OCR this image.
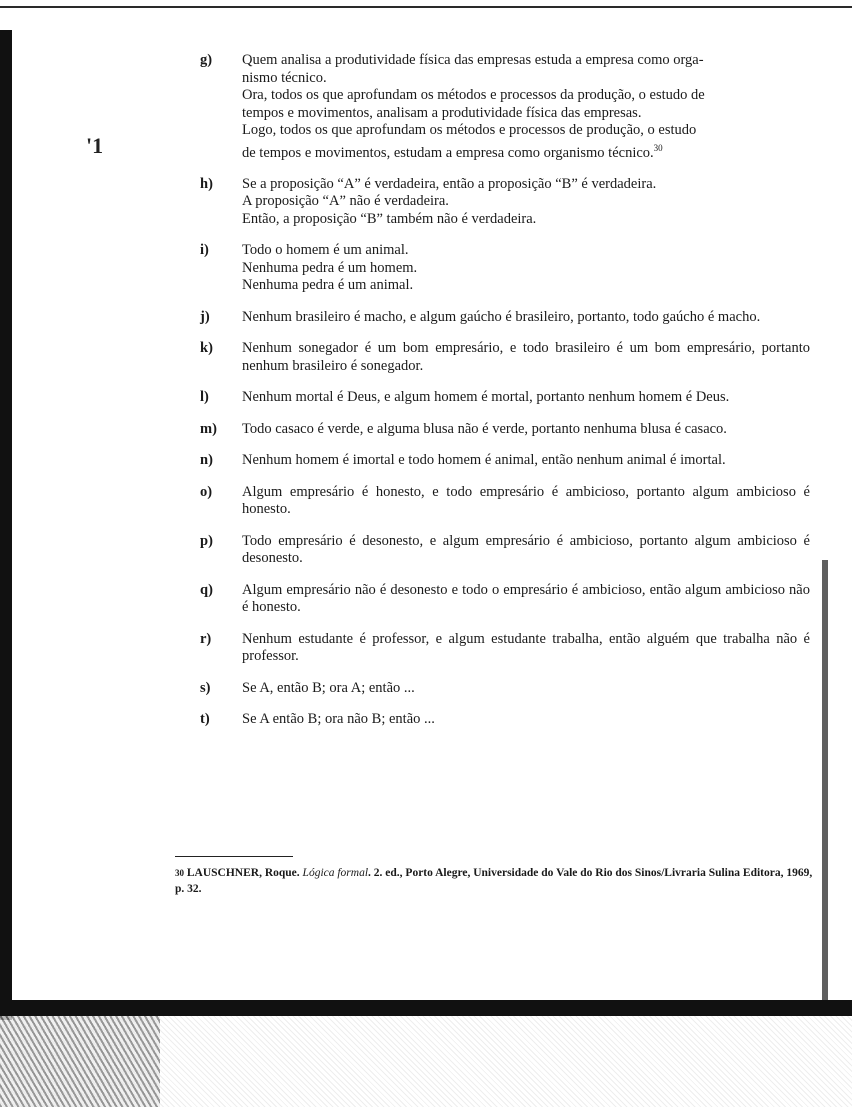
'1
g)	Quem analisa a produtividade física das empresas estuda a empresa como orga-
nismo técnico.
Ora, todos os que aprofundam os métodos e processos da produção, o estudo de
tempos e movimentos, analisam a produtividade física das empresas.
Logo, todos os que aprofundam os métodos e processos de produção, o estudo
de tempos e movimentos, estudam a empresa como organismo técnico.$^{30}$
h)	Se a proposição “A” é verdadeira, então a proposição “B” é verdadeira.
A proposição “A” não é verdadeira.
Então, a proposição “B” também não é verdadeira.
i)	Todo o homem é um animal.
Nenhuma pedra é um homem.
Nenhuma pedra é um animal.
j)	Nenhum brasileiro é macho, e algum gaúcho é brasileiro, portanto, todo gaúcho é macho.
k)	Nenhum sonegador é um bom empresário, e todo brasileiro é um bom empresário, portanto nenhum brasileiro é sonegador.
l)	Nenhum mortal é Deus, e algum homem é mortal, portanto nenhum homem é Deus.
m)	Todo casaco é verde, e alguma blusa não é verde, portanto nenhuma blusa é casaco.
n)	Nenhum homem é imortal e todo homem é animal, então nenhum animal é imortal.
o)	Algum empresário é honesto, e todo empresário é ambicioso, portanto algum ambicioso é honesto.
p)	Todo empresário é desonesto, e algum empresário é ambicioso, portanto algum ambicioso é desonesto.
q)	Algum empresário não é desonesto e todo o empresário é ambicioso, então algum ambicioso não é honesto.
r)	Nenhum estudante é professor, e algum estudante trabalha, então alguém que trabalha não é professor.
s)	Se A, então B; ora A; então ...
t)	Se A então B; ora não B; então ...
$^{30}$ LAUSCHNER, Roque. Lógica formal. 2. ed., Porto Alegre, Universidade do Vale do Rio dos Sinos/Livraria Sulina Editora, 1969, p. 32.
